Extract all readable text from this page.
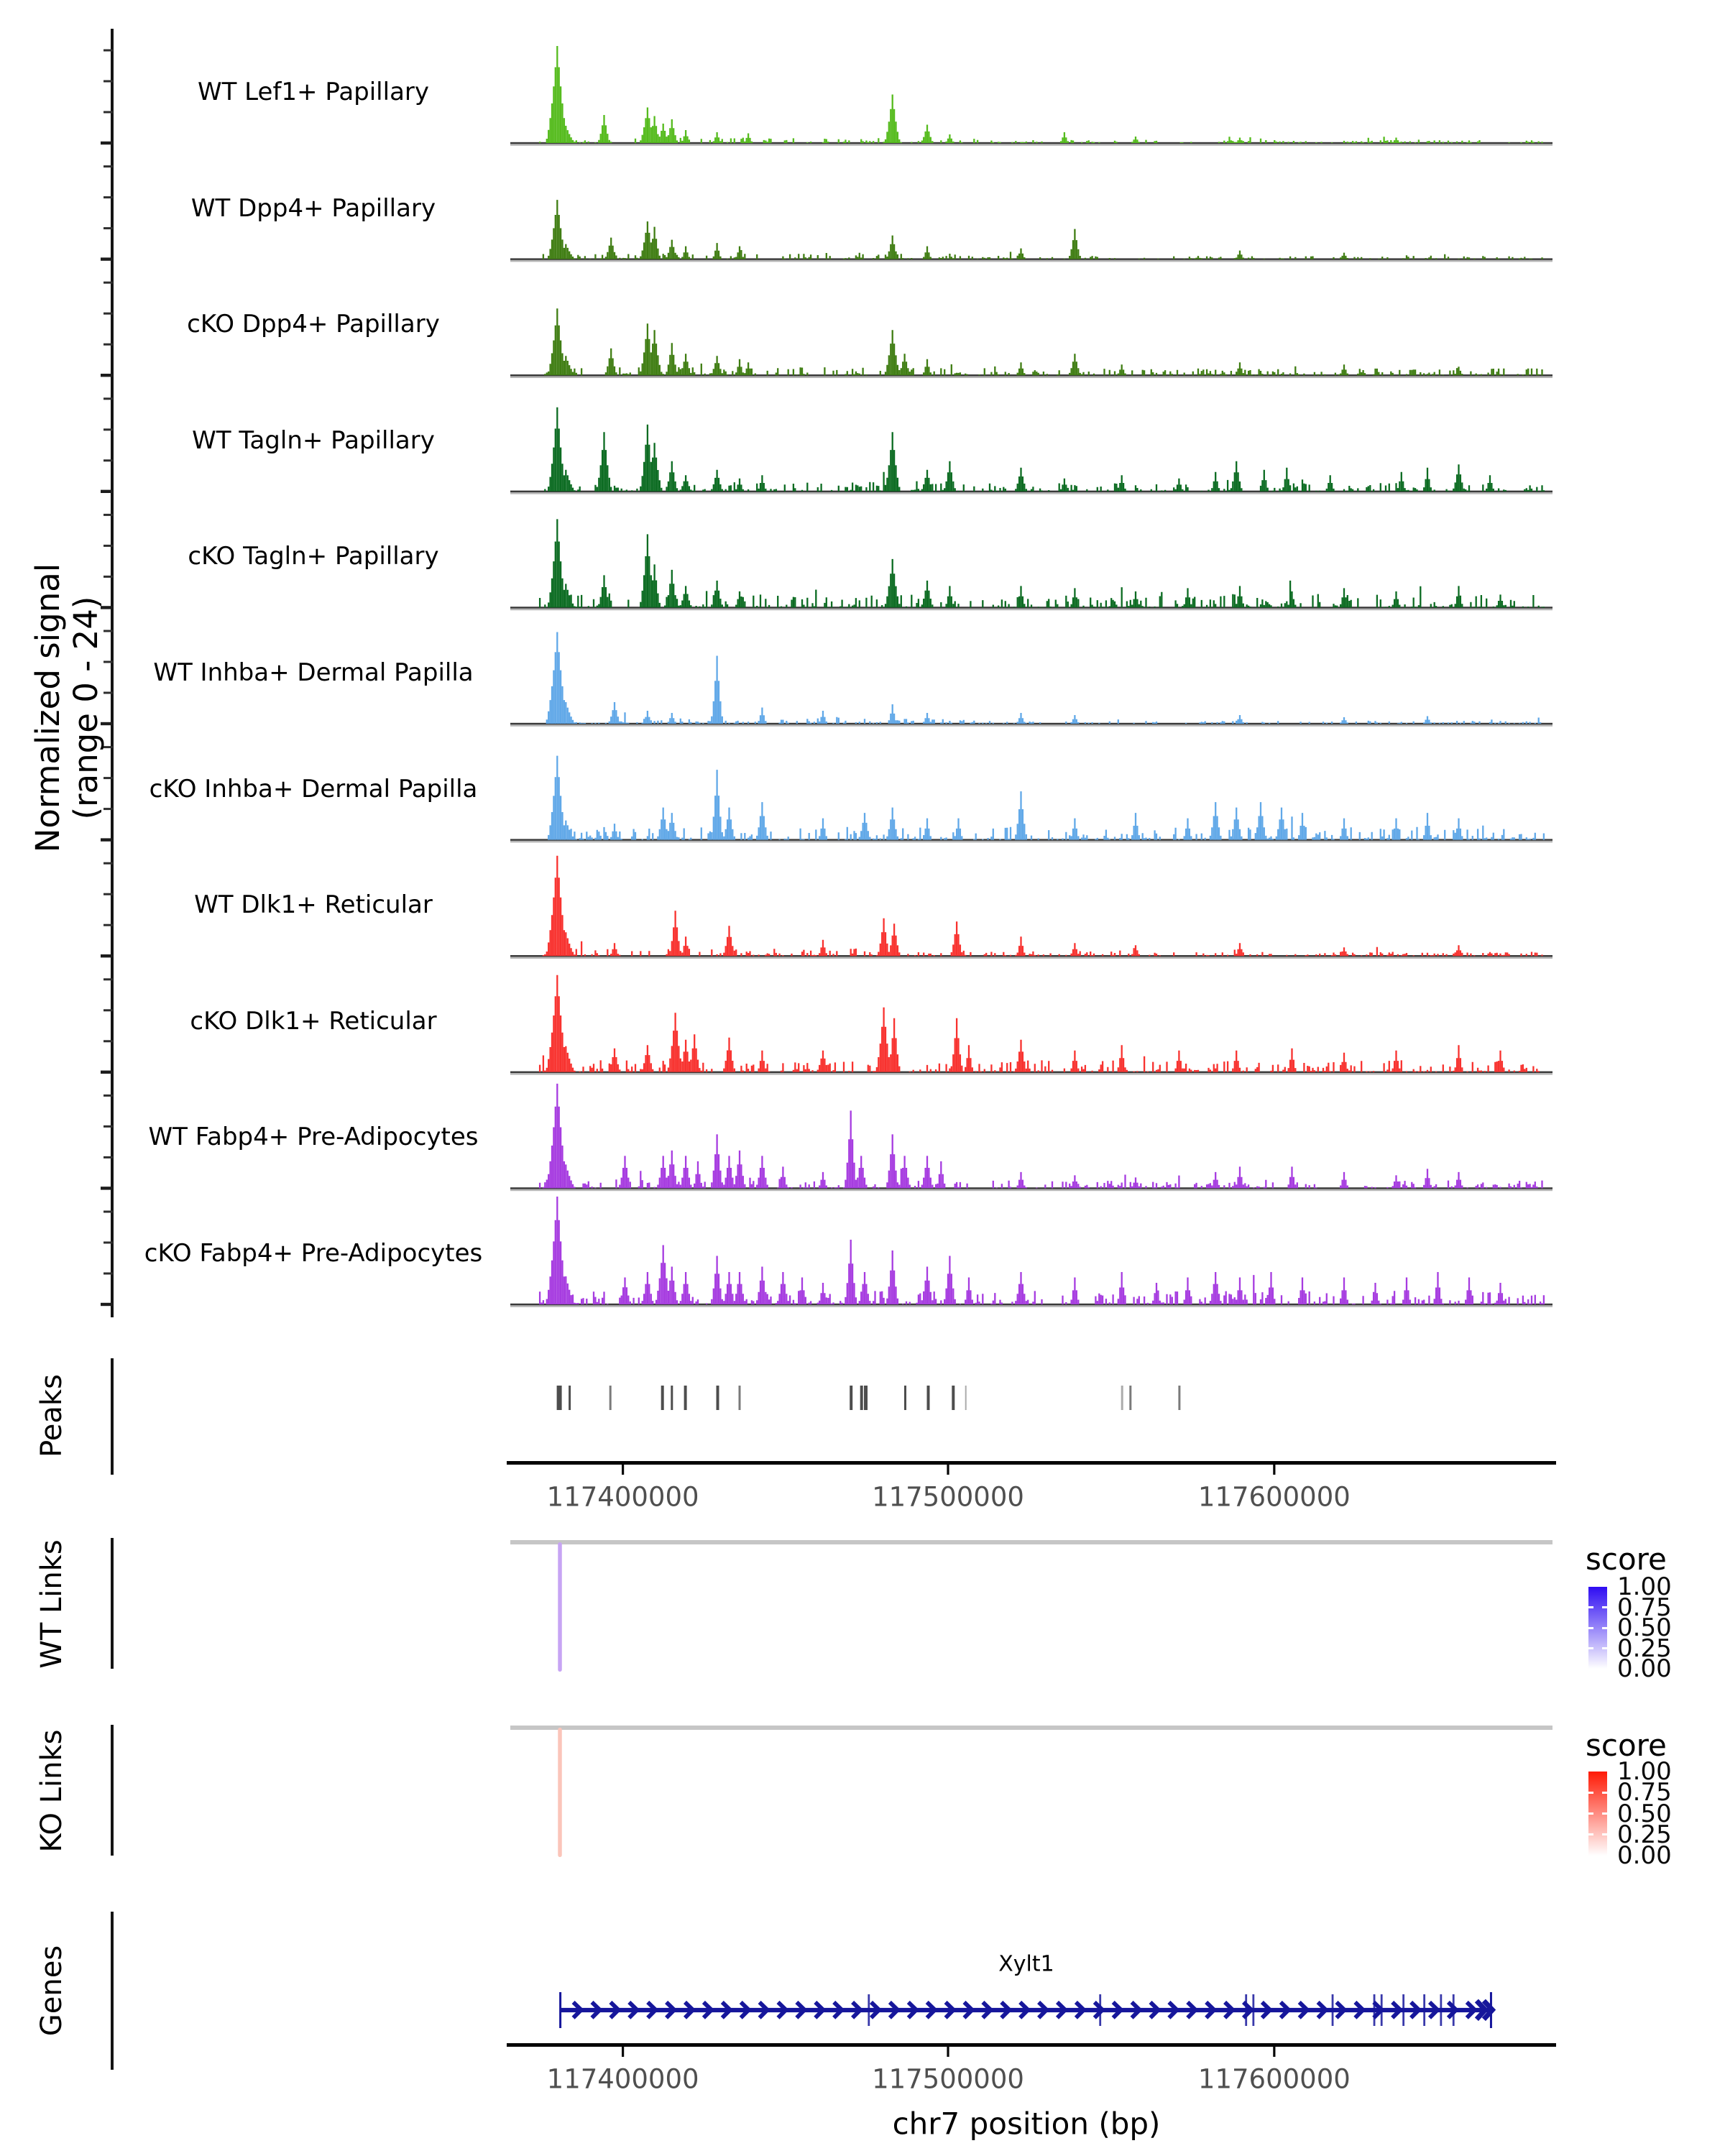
Normalized signal (range 0 - 24)
Peaks
WT Links
KO Links
Genes
WT Lef1+ Papillary
WT Dpp4+ Papillary
cKO Dpp4+ Papillary
WT Tagln+ Papillary
cKO Tagln+ Papillary
WT Inhba+ Dermal Papilla
cKO Inhba+ Dermal Papilla
WT Dlk1+ Reticular
cKO Dlk1+ Reticular
WT Fabp4+ Pre-Adipocytes
cKO Fabp4+ Pre-Adipocytes
117400000	117500000	117600000
117400000	117500000	117600000
score
1.00
0.75
0.50
0.25
0.00
score
1.00
0.75
0.50
0.25
0.00
Xylt1
chr7 position (bp)
